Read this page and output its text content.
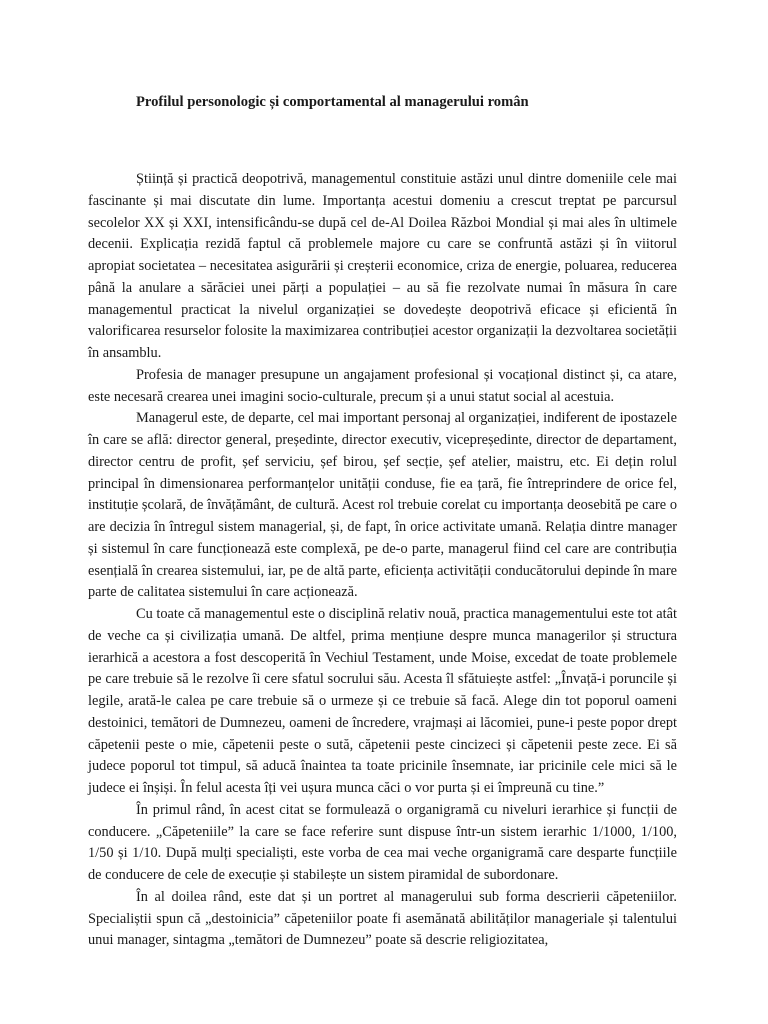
Profilul personologic și comportamental al managerului român

Știință și practică deopotrivă, managementul constituie astăzi unul dintre domeniile cele mai fascinante și mai discutate din lume. Importanța acestui domeniu a crescut treptat pe parcursul secolelor XX și XXI, intensificându-se după cel de-Al Doilea Război Mondial și mai ales în ultimele decenii. Explicația rezidă faptul că problemele majore cu care se confruntă astăzi și în viitorul apropiat societatea – necesitatea asigurării și creșterii economice, criza de energie, poluarea, reducerea până la anulare a sărăciei unei părți a populației – au să fie rezolvate numai în măsura în care managementul practicat la nivelul organizației se dovedește deopotrivă eficace și eficientă în valorificarea resurselor folosite la maximizarea contribuției acestor organizații la dezvoltarea societății în ansamblu.

Profesia de manager presupune un angajament profesional și vocațional distinct și, ca atare, este necesară crearea unei imagini socio-culturale, precum și a unui statut social al acestuia.

Managerul este, de departe, cel mai important personaj al organizației, indiferent de ipostazele în care se află: director general, președinte, director executiv, vicepreședinte, director de departament, director centru de profit, șef serviciu, șef birou, șef secție, șef atelier, maistru, etc. Ei dețin rolul principal în dimensionarea performanțelor unității conduse, fie ea țară, fie întreprindere de orice fel, instituție școlară, de învățământ, de cultură. Acest rol trebuie corelat cu importanța deosebită pe care o are decizia în întregul sistem managerial, și, de fapt, în orice activitate umană. Relația dintre manager și sistemul în care funcționează este complexă, pe de-o parte, managerul fiind cel care are contribuția esențială în crearea sistemului, iar, pe de altă parte, eficiența activității conducătorului depinde în mare parte de calitatea sistemului în care acționează.

Cu toate că managementul este o disciplină relativ nouă, practica managementului este tot atât de veche ca și civilizația umană. De altfel, prima mențiune despre munca managerilor și structura ierarhică a acestora a fost descoperită în Vechiul Testament, unde Moise, excedat de toate problemele pe care trebuie să le rezolve îi cere sfatul socrului său. Acesta îl sfătuiește astfel: „Învață-i poruncile și legile, arată-le calea pe care trebuie să o urmeze și ce trebuie să facă. Alege din tot poporul oameni destoinici, temători de Dumnezeu, oameni de încredere, vrajmași ai lăcomiei, pune-i peste popor drept căpetenii peste o mie, căpetenii peste o sută, căpetenii peste cincizeci și căpetenii peste zece. Ei să judece poporul tot timpul, să aducă înaintea ta toate pricinile însemnate, iar pricinile cele mici să le judece ei înșiși. În felul acesta îți vei ușura munca căci o vor purta și ei împreună cu tine.”

În primul rând, în acest citat se formulează o organigramă cu niveluri ierarhice și funcții de conducere. „Căpeteniile” la care se face referire sunt dispuse într-un sistem ierarhic 1/1000, 1/100, 1/50 și 1/10. După mulți specialiști, este vorba de cea mai veche organigramă care desparte funcțiile de conducere de cele de execuție și stabilește un sistem piramidal de subordonare.

În al doilea rând, este dat și un portret al managerului sub forma descrierii căpeteniilor. Specialiștii spun că „destoinicia” căpeteniilor poate fi asemănată abilităților manageriale și talentului unui manager, sintagma „temători de Dumnezeu” poate să descrie religiozitatea,
